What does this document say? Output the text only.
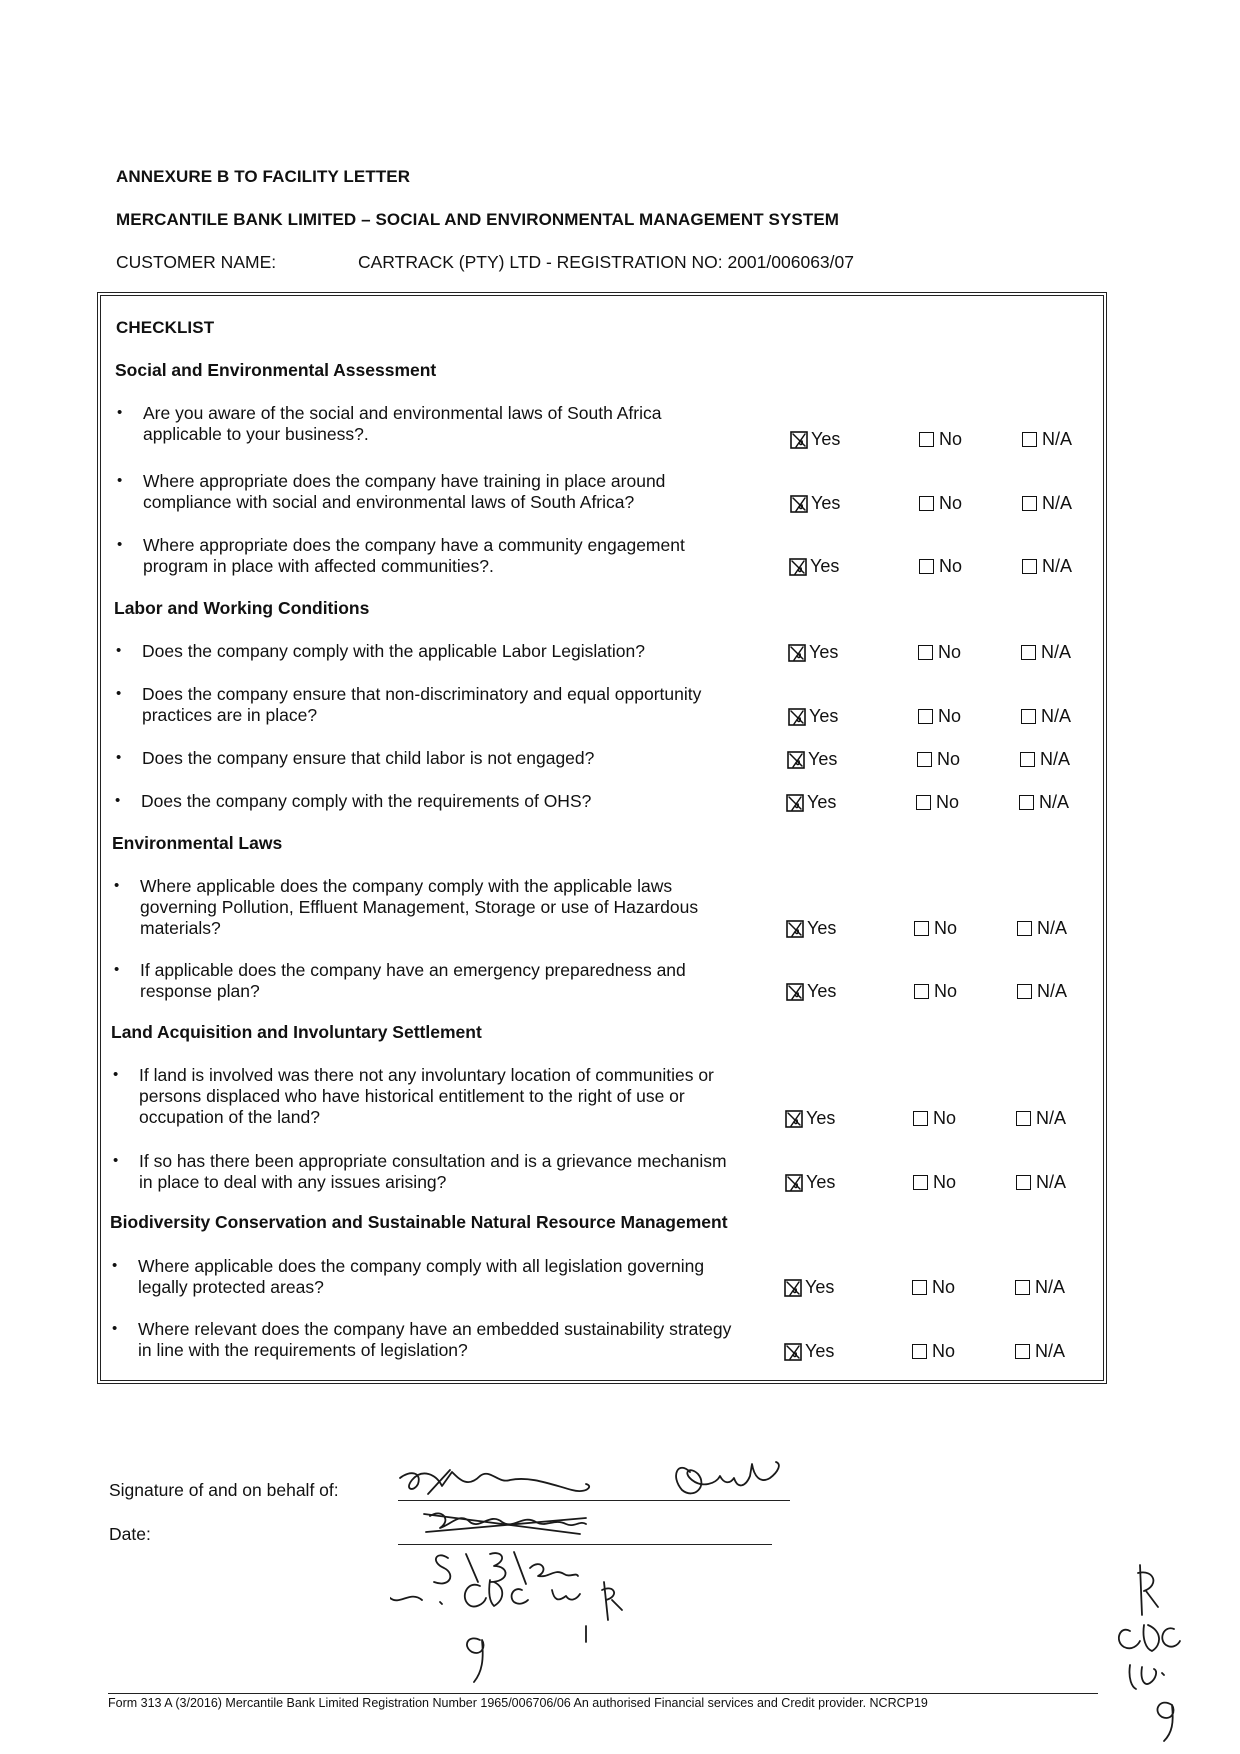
ANNEXURE B TO FACILITY LETTER
MERCANTILE BANK LIMITED – SOCIAL AND ENVIRONMENTAL MANAGEMENT SYSTEM
CUSTOMER NAME:	CARTRACK (PTY) LTD - REGISTRATION NO: 2001/006063/07
CHECKLIST
Social and Environmental Assessment
Labor and Working Conditions
Environmental Laws
Land Acquisition and Involuntary Settlement
Biodiversity Conservation and Sustainable Natural Resource Management
• Are you aware of the social and environmental laws of South Africa
applicable to your business?.	Yes	No	N/A
• Where appropriate does the company have training in place around
compliance with social and environmental laws of South Africa?	Yes	No	N/A
• Where appropriate does the company have a community engagement
program in place with affected communities?.	Yes	No	N/A
• Does the company comply with the applicable Labor Legislation?	Yes	No	N/A
• Does the company ensure that non-discriminatory and equal opportunity
practices are in place?	Yes	No	N/A
• Does the company ensure that child labor is not engaged?	Yes	No	N/A
• Does the company comply with the requirements of OHS?	Yes	No	N/A
• Where applicable does the company comply with the applicable laws
governing Pollution, Effluent Management, Storage or use of Hazardous
materials?	Yes	No	N/A
• If applicable does the company have an emergency preparedness and
response plan?	Yes	No	N/A
• If land is involved was there not any involuntary location of communities or
persons displaced who have historical entitlement to the right of use or
occupation of the land?	Yes	No	N/A
• If so has there been appropriate consultation and is a grievance mechanism
in place to deal with any issues arising?	Yes	No	N/A
• Where applicable does the company comply with all legislation governing
legally protected areas?	Yes	No	N/A
• Where relevant does the company have an embedded sustainability strategy
in line with the requirements of legislation?	Yes	No	N/A
Signature of and on behalf of:
Date:
Form 313 A (3/2016) Mercantile Bank Limited Registration Number 1965/006706/06 An authorised Financial services and Credit provider. NCRCP19
